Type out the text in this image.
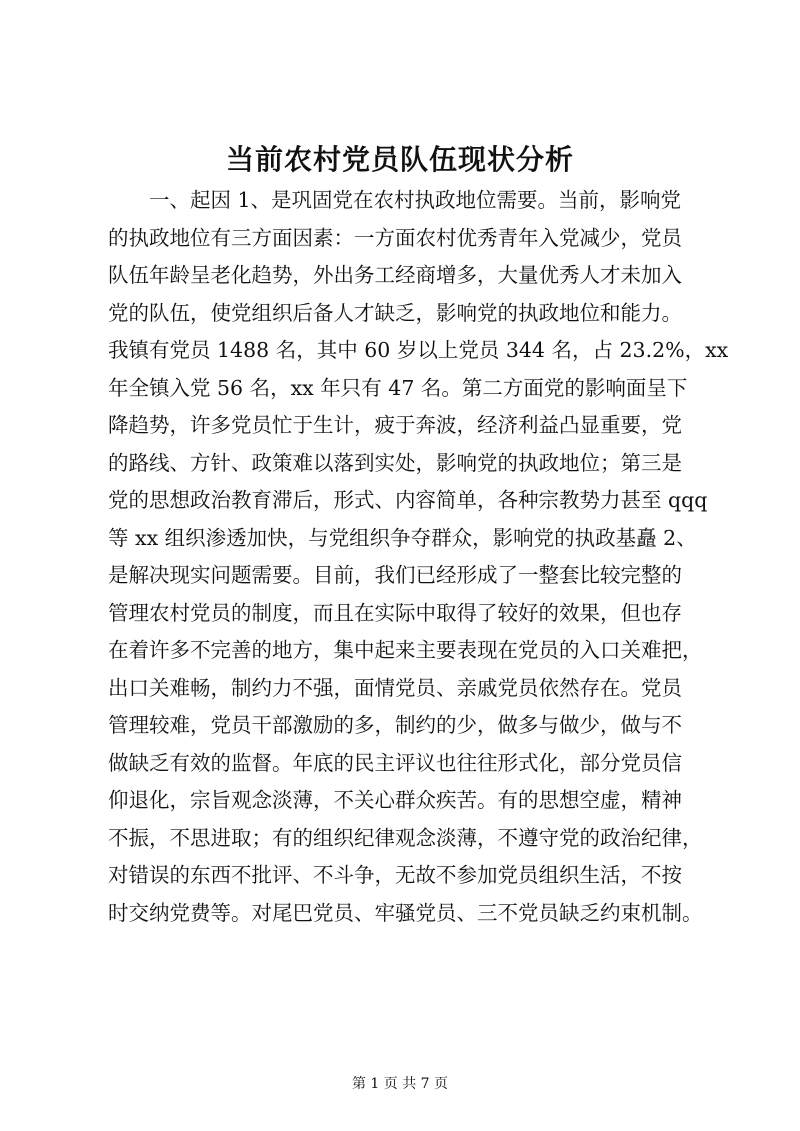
当前农村党员队伍现状分析
一、起因 1、是巩固党在农村执政地位需要。当前，影响党
的执政地位有三方面因素：一方面农村优秀青年入党减少，党员
队伍年龄呈老化趋势，外出务工经商增多，大量优秀人才未加入
党的队伍，使党组织后备人才缺乏，影响党的执政地位和能力。
我镇有党员 1488 名，其中 60 岁以上党员 344 名，占 23.2%，xx
年全镇入党 56 名，xx 年只有 47 名。第二方面党的影响面呈下
降趋势，许多党员忙于生计，疲于奔波，经济利益凸显重要，党
的路线、方针、政策难以落到实处，影响党的执政地位；第三是
党的思想政治教育滞后，形式、内容简单，各种宗教势力甚至 qqq
等 xx 组织渗透加快，与党组织争夺群众，影响党的执政基矗 2、
是解决现实问题需要。目前，我们已经形成了一整套比较完整的
管理农村党员的制度，而且在实际中取得了较好的效果，但也存
在着许多不完善的地方，集中起来主要表现在党员的入口关难把，
出口关难畅，制约力不强，面情党员、亲戚党员依然存在。党员
管理较难，党员干部激励的多，制约的少，做多与做少，做与不
做缺乏有效的监督。年底的民主评议也往往形式化，部分党员信
仰退化，宗旨观念淡薄，不关心群众疾苦。有的思想空虚，精神
不振，不思进取；有的组织纪律观念淡薄，不遵守党的政治纪律，
对错误的东西不批评、不斗争，无故不参加党员组织生活，不按
时交纳党费等。对尾巴党员、牢骚党员、三不党员缺乏约束机制。
第 1 页 共 7 页
